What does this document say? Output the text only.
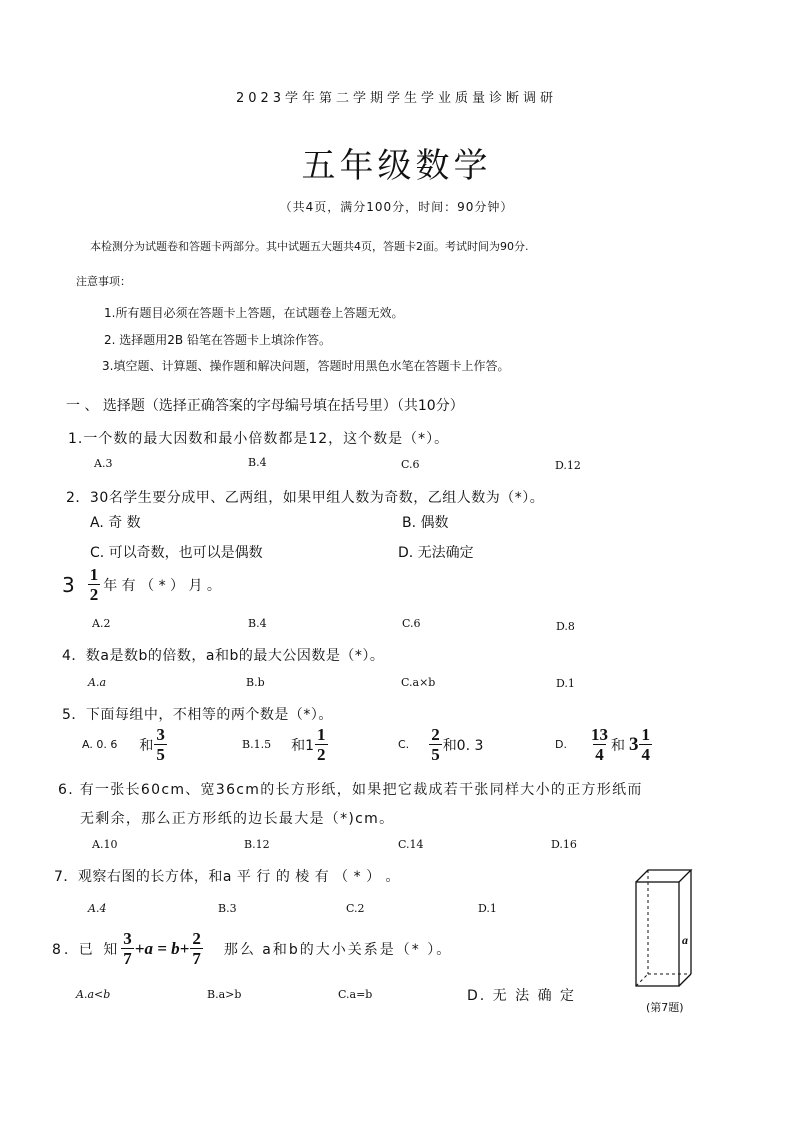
2023学年第二学期学生学业质量诊断调研
五年级数学
（共4页，满分100分，时间：90分钟）
本检测分为试题卷和答题卡两部分。其中试题五大题共4页，答题卡2面。考试时间为90分.
注意事项：
1.所有题目必须在答题卡上答题，在试题卷上答题无效。
2. 选择题用2B 铅笔在答题卡上填涂作答。
3.填空题、计算题、操作题和解决问题，答题时用黑色水笔在答题卡上作答。
一 、 选择题（选择正确答案的字母编号填在括号里）（共10分）
1.一个数的最大因数和最小倍数都是12，这个数是（*）。
A.3	B.4	C.6	D.12
2．30名学生要分成甲、乙两组，如果甲组人数为奇数，乙组人数为（*）。
A. 奇 数	B. 偶数
C. 可以奇数，也可以是偶数	D. 无法确定
$3 \frac{1}{2}$ 年 有 （ * ） 月 。
A.2	B.4	C.6	D.8
4．数a是数b的倍数，a和b的最大公因数是（*）。
A.a	B.b	C.a×b	D.1
5．下面每组中，不相等的两个数是（*）。
A. 0. 6 和 $\frac{3}{5}$	B.1.5 和$1 \frac{1}{2}$	C. $\frac{2}{5}$ 和0. 3	D. $\frac{13}{4}$ 和 $3 \frac{1}{4}$
6. 有一张长60cm、宽36cm的长方形纸，如果把它裁成若干张同样大小的正方形纸而
无剩余，那么正方形纸的边长最大是（*)cm。
A.10	B.12	C.14	D.16
7．观察右图的长方体，和a 平 行 的 棱 有 （ * ） 。
A.4	B.3	C.2	D.1
a
(第7题)
8. 已 知 $\frac{3}{7} +a = b+ \frac{2}{7}$ 那么 a和b的大小关系是（* ）。
A.a<b	B.a>b	C.a=b	D. 无 法 确 定
